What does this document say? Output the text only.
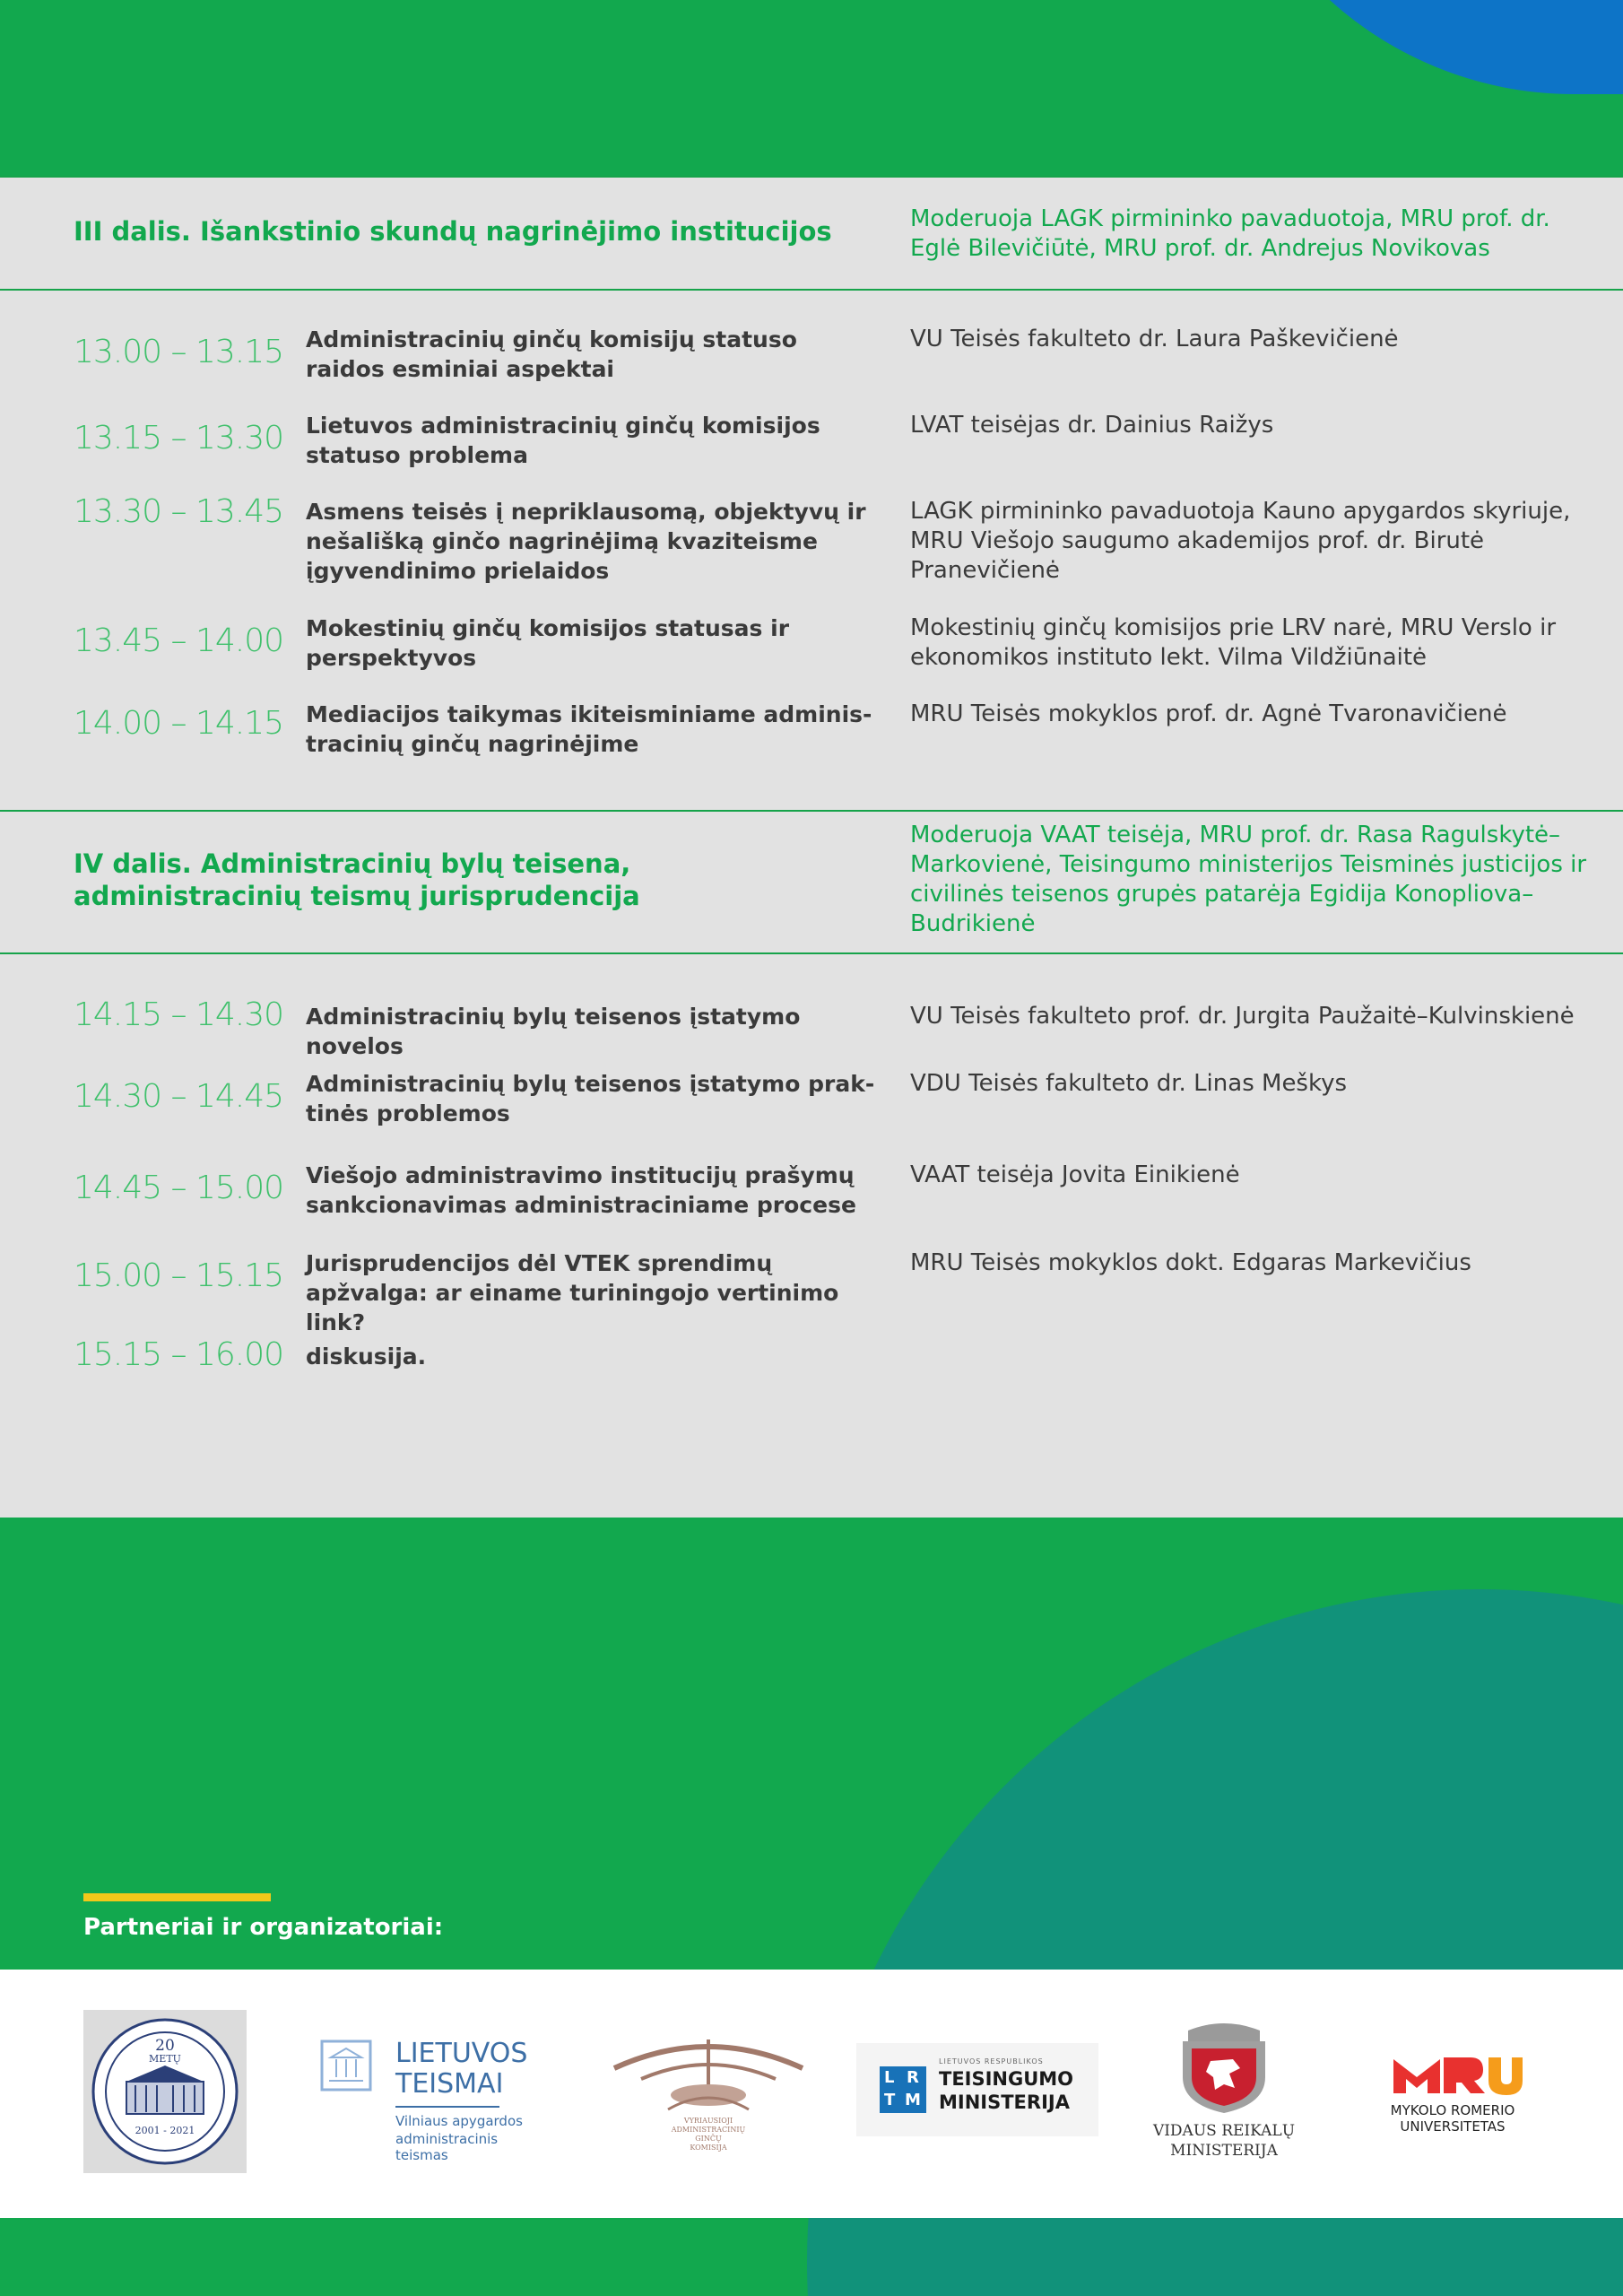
III dalis. Išankstinio skundų nagrinėjimo institucijos	Moderuoja LAGK pirmininko pavaduotoja, MRU prof. dr. Eglė Bilevičiūtė, MRU prof. dr. Andrejus Novikovas
13.00 – 13.15 Administracinių ginčų komisijų statuso raidos esminiai aspektai
VU Teisės fakulteto dr. Laura Paškevičienė
13.15 – 13.30 Lietuvos administracinių ginčų komisijos statuso problema
LVAT teisėjas dr. Dainius Raižys
13.30 – 13.45 Asmens teisės į nepriklausomą, objektyvų ir nešališką ginčo nagrinėjimą kvaziteisme įgyvendinimo prielaidos
LAGK pirmininko pavaduotoja Kauno apygardos skyriuje, MRU Viešojo saugumo akademijos prof. dr. Birutė Pranevičienė
13.45 – 14.00 Mokestinių ginčų komisijos statusas ir perspektyvos
Mokestinių ginčų komisijos prie LRV narė, MRU Verslo ir ekonomikos instituto lekt. Vilma Vildžiūnaitė
14.00 – 14.15 Mediacijos taikymas ikiteisminiame administracinių ginčų nagrinėjime
MRU Teisės mokyklos prof. dr. Agnė Tvaronavičienė
IV dalis. Administracinių bylų teisena, administracinių teismų jurisprudencija
Moderuoja VAAT teisėja, MRU prof. dr. Rasa Ragulskytė–Markovienė, Teisingumo ministerijos Teisminės justicijos ir civilinės teisenos grupės patarėja Egidija Konopliova–Budrikienė
14.15 – 14.30 Administracinių bylų teisenos įstatymo novelos
VU Teisės fakulteto prof. dr. Jurgita Paužaitė–Kulvinskienė
14.30 – 14.45 Administracinių bylų teisenos įstatymo praktinės problemos
VDU Teisės fakulteto dr. Linas Meškys
14.45 – 15.00 Viešojo administravimo institucijų prašymų sankcionavimas administraciniame procese
VAAT teisėja Jovita Einikienė
15.00 – 15.15 Jurisprudencijos dėl VTEK sprendimų apžvalga: ar einame turiningojo vertinimo link?
MRU Teisės mokyklos dokt. Edgaras Markevičius
15.15 – 16.00 diskusija.
Partneriai ir organizatoriai:
20
METŲ
2001 - 2021
LIETUVOS
TEISMAI
Vilniaus apygardos
administracinis teismas
VYRIAUSIOJI
ADMINISTRACINIŲ
GINČŲ
KOMISIJA
L R
T M
LIETUVOS RESPUBLIKOS
TEISINGUMO
MINISTERIJA
VIDAUS REIKALŲ
MINISTERIJA
MYKOLO ROMERIO
UNIVERSITETAS
